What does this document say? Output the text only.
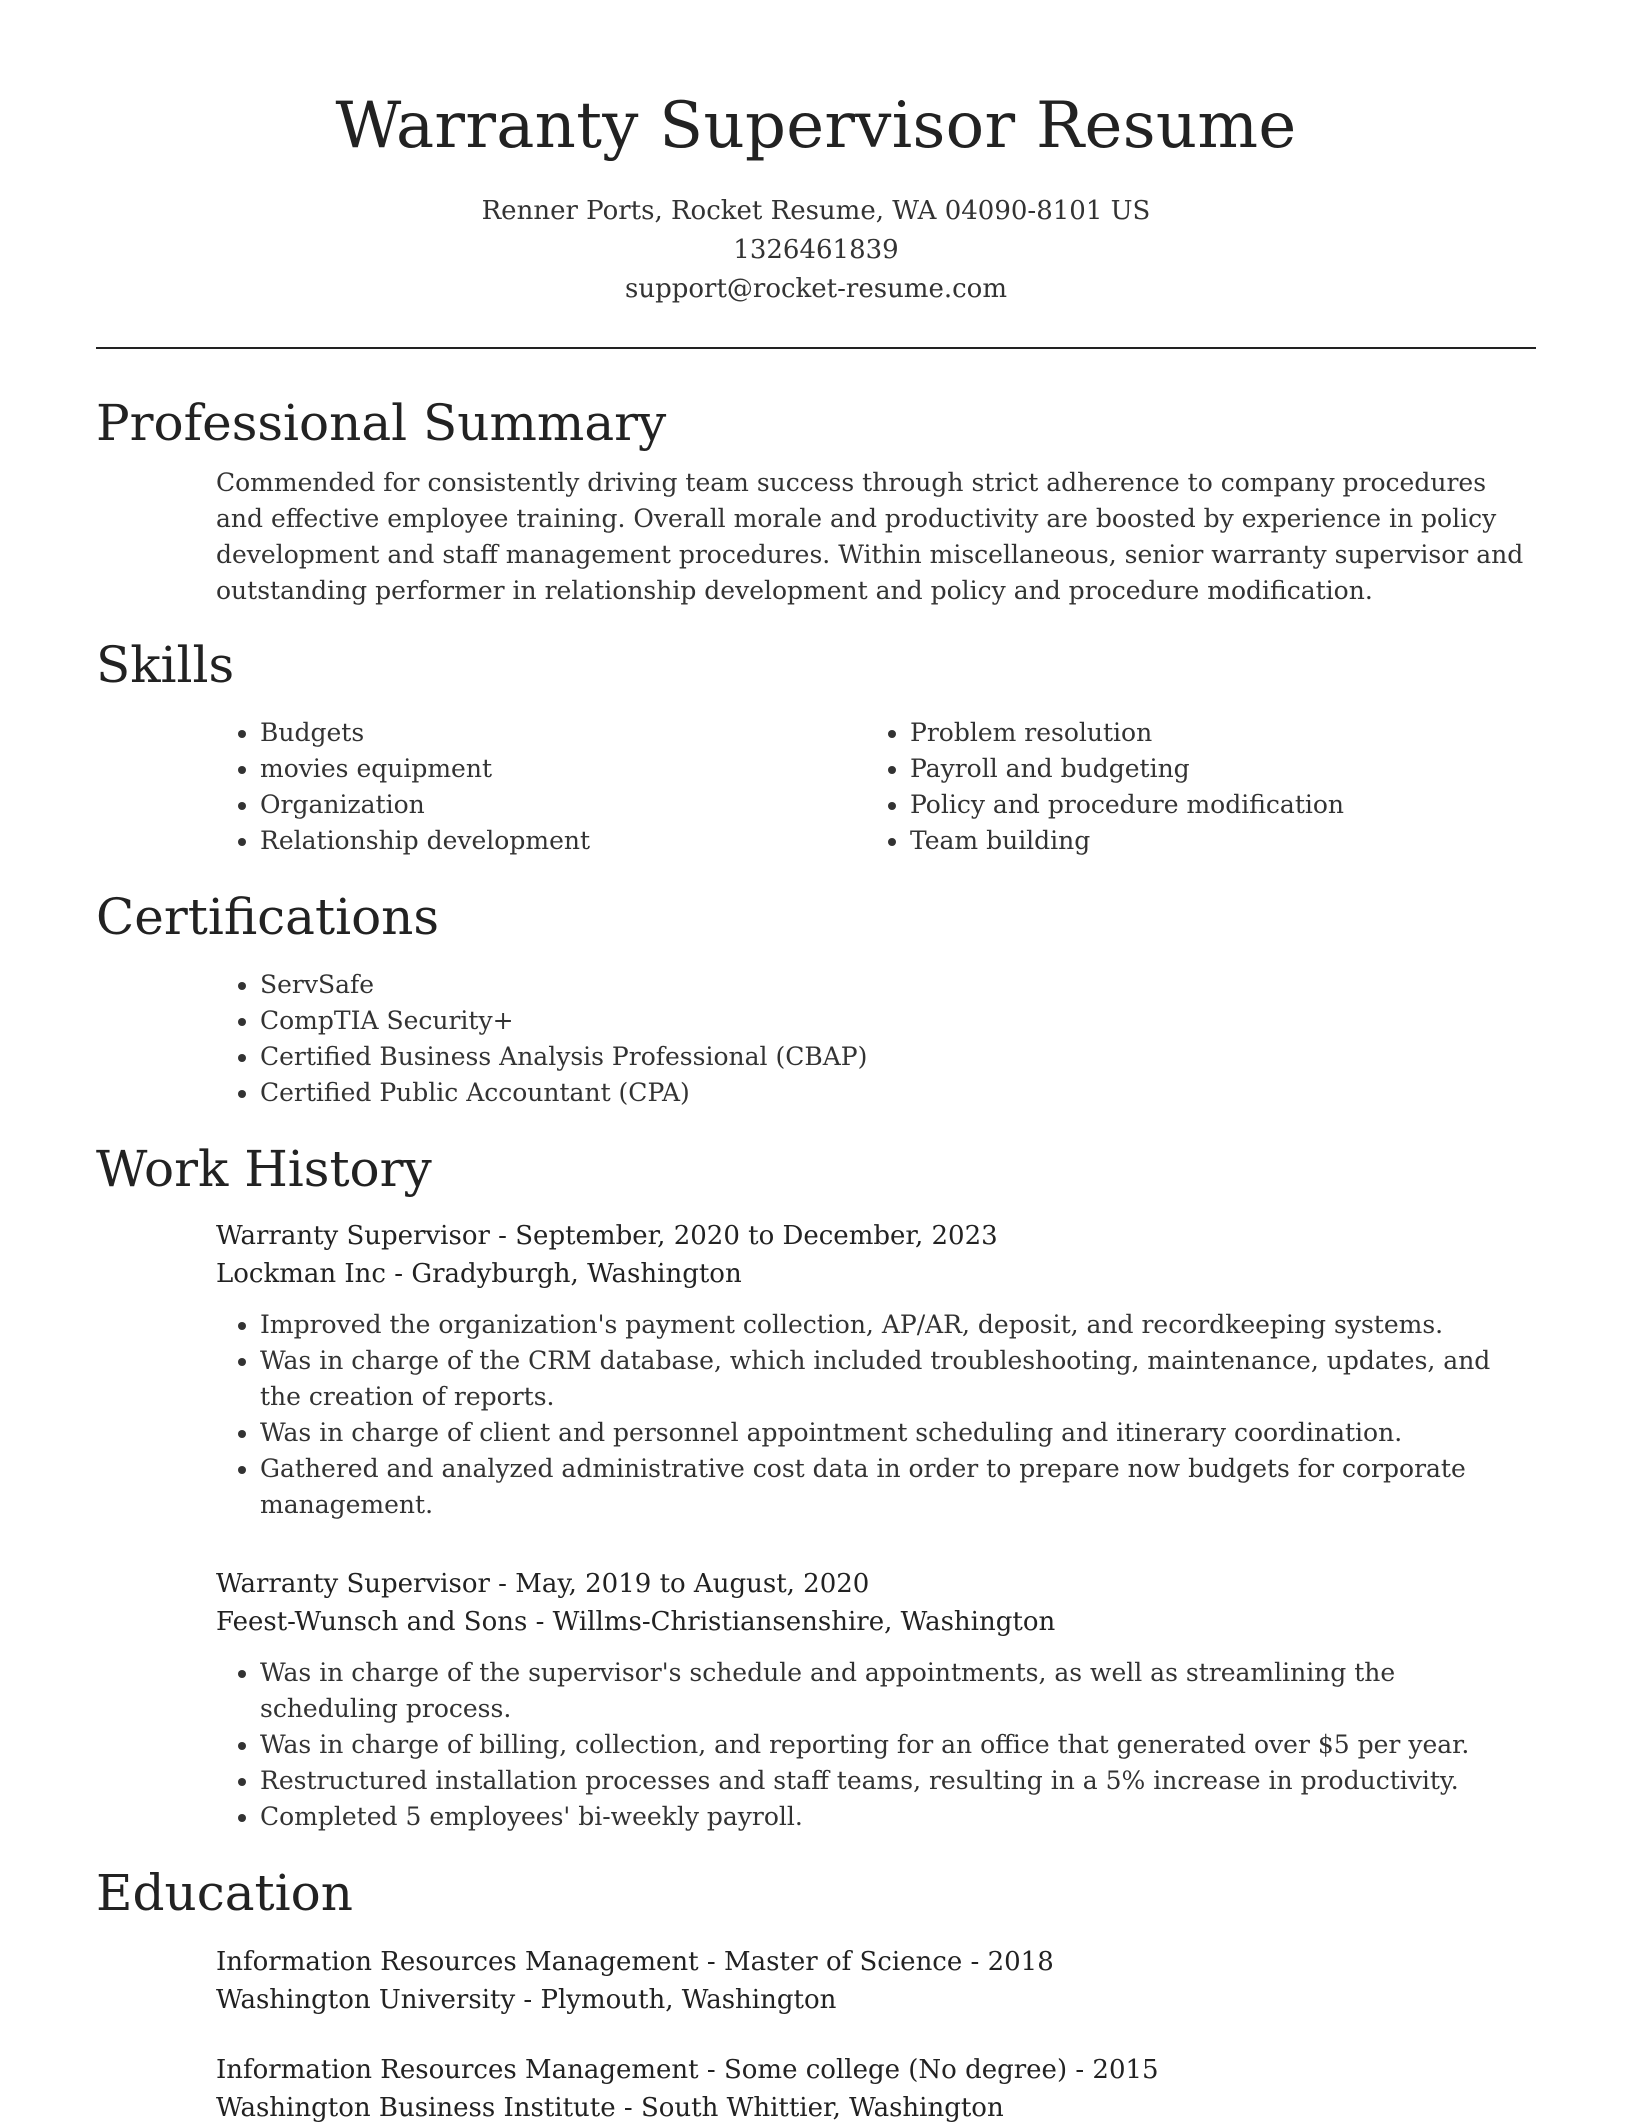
Warranty Supervisor Resume
Renner Ports, Rocket Resume, WA 04090-8101 US
1326461839
support@rocket-resume.com
Professional Summary

Commended for consistently driving team success through strict adherence to company procedures and effective employee training. Overall morale and productivity are boosted by experience in policy development and staff management procedures. Within miscellaneous, senior warranty supervisor and outstanding performer in relationship development and policy and procedure modification.

Skills
• Budgets
• movies equipment
• Organization
• Relationship development
• Problem resolution
• Payroll and budgeting
• Policy and procedure modification
• Team building
Certifications
• ServSafe
• CompTIA Security+
• Certified Business Analysis Professional (CBAP)
• Certified Public Accountant (CPA)
Work History
Warranty Supervisor - September, 2020 to December, 2023
Lockman Inc - Gradyburgh, Washington
• Improved the organization's payment collection, AP/AR, deposit, and recordkeeping systems.
• Was in charge of the CRM database, which included troubleshooting, maintenance, updates, and the creation of reports.
• Was in charge of client and personnel appointment scheduling and itinerary coordination.
• Gathered and analyzed administrative cost data in order to prepare now budgets for corporate management.
Warranty Supervisor - May, 2019 to August, 2020
Feest-Wunsch and Sons - Willms-Christiansenshire, Washington
• Was in charge of the supervisor's schedule and appointments, as well as streamlining the scheduling process.
• Was in charge of billing, collection, and reporting for an office that generated over $5 per year.
• Restructured installation processes and staff teams, resulting in a 5% increase in productivity.
• Completed 5 employees' bi-weekly payroll.
Education
Information Resources Management - Master of Science - 2018
Washington University - Plymouth, Washington
Information Resources Management - Some college (No degree) - 2015
Washington Business Institute - South Whittier, Washington
